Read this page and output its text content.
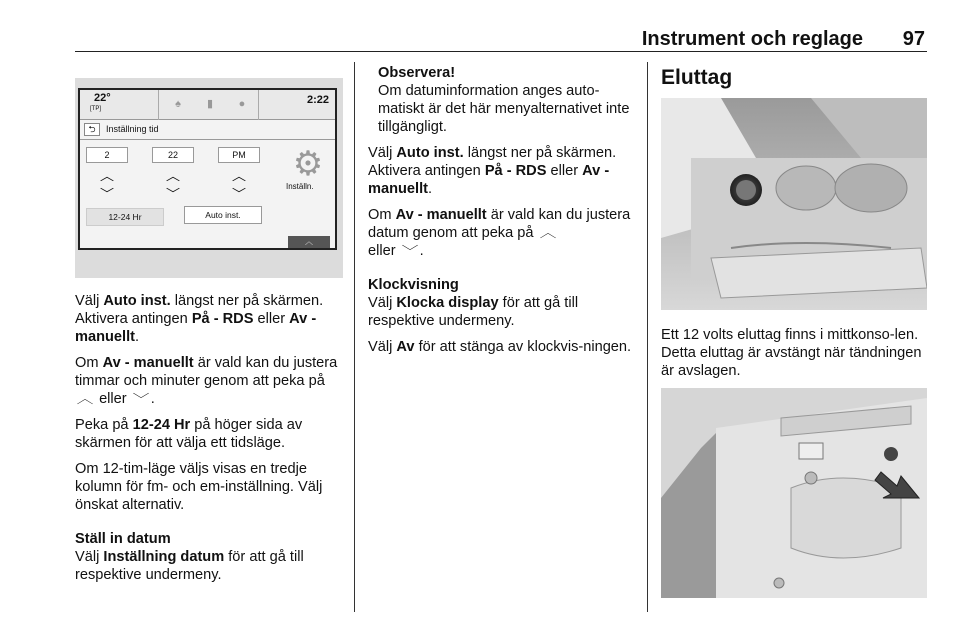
Instrument och reglage 97
22°
[TP]	♠ ▮ ●	2:22
⮌	Inställning tid
2	22	PM
︿	︿	︿
﹀	﹀	﹀
12-24 Hr	Auto inst.
⚙
Inställn.
︿

Välj Auto inst. längst ner på skärmen. Aktivera antingen På - RDS eller Av - manuellt.

Om Av - manuellt är vald kan du justera timmar och minuter genom att peka på ︿ eller ﹀ .

Peka på 12-24 Hr på höger sida av skärmen för att välja ett tidsläge.

Om 12-tim-läge väljs visas en tredje kolumn för fm- och em-inställning. Välj önskat alternativ.

Ställ in datum

Välj Inställning datum för att gå till respektive undermeny.

Observera!

Om datuminformation anges auto-matiskt är det här menyalternativet inte tillgängligt.

Välj Auto inst. längst ner på skärmen. Aktivera antingen På - RDS eller Av - manuellt.

Om Av - manuellt är vald kan du justera datum genom att peka på ︿
eller ﹀ .

Klockvisning

Välj Klocka display för att gå till respektive undermeny.

Välj Av för att stänga av klockvis-ningen.

Eluttag

Ett 12 volts eluttag finns i mittkonso-len. Detta eluttag är avstängt när tändningen är avslagen.
